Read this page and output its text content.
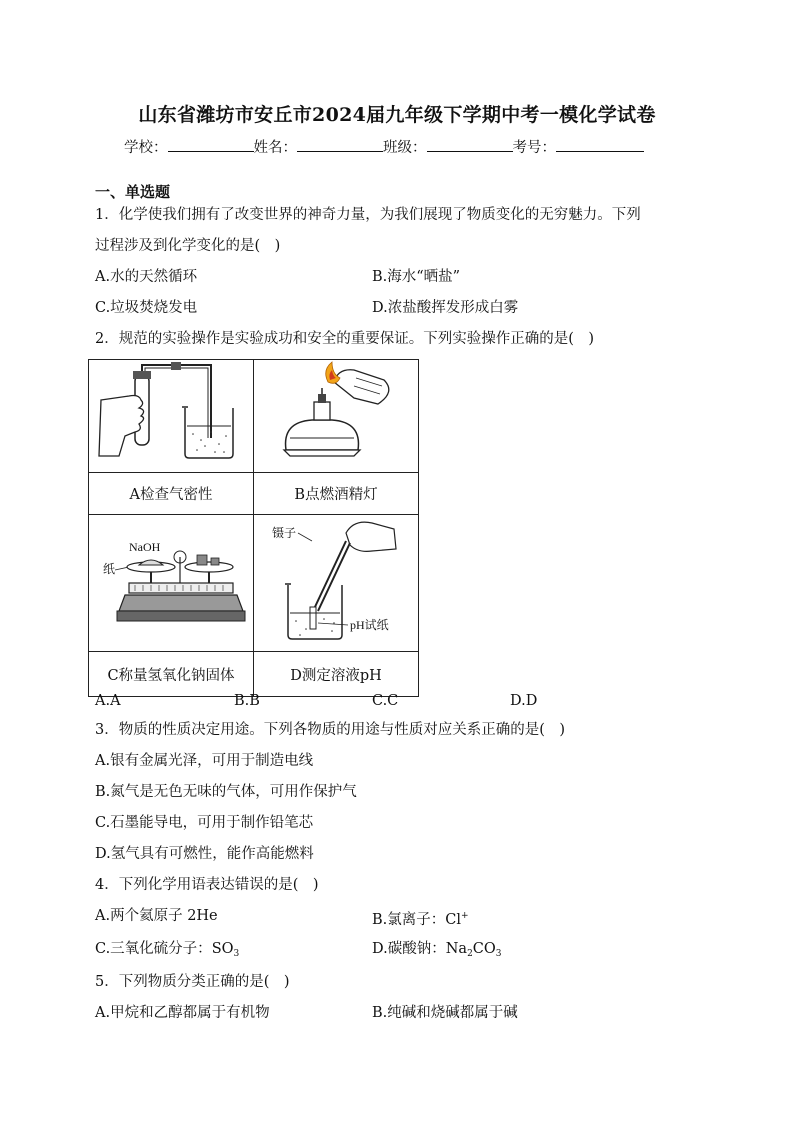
山东省潍坊市安丘市2024届九年级下学期中考一模化学试卷
学校：	姓名：	班级：	考号：
一、单选题
1．化学使我们拥有了改变世界的神奇力量，为我们展现了物质变化的无穷魅力。下列
过程涉及到化学变化的是(　)
A.水的天然循环	B.海水“晒盐”
C.垃圾焚烧发电	D.浓盐酸挥发形成白雾
2．规范的实验操作是实验成功和安全的重要保证。下列实验操作正确的是(　)

A检查气密性	B点燃酒精灯

NaOH
纸	镊子
pH试纸

C称量氢氧化钠固体	D测定溶液pH
A.A	B.B	C.C	D.D
3．物质的性质决定用途。下列各物质的用途与性质对应关系正确的是(　)
A.银有金属光泽，可用于制造电线
B.氮气是无色无味的气体，可用作保护气
C.石墨能导电，可用于制作铅笔芯
D.氢气具有可燃性，能作高能燃料
4．下列化学用语表达错误的是(　)
A.两个氦原子 2He	B.氯离子：Cl+
C.三氧化硫分子：$SO_3$	D.碳酸钠：$Na_2CO_3$
5．下列物质分类正确的是(　)
A.甲烷和乙醇都属于有机物	B.纯碱和烧碱都属于碱
